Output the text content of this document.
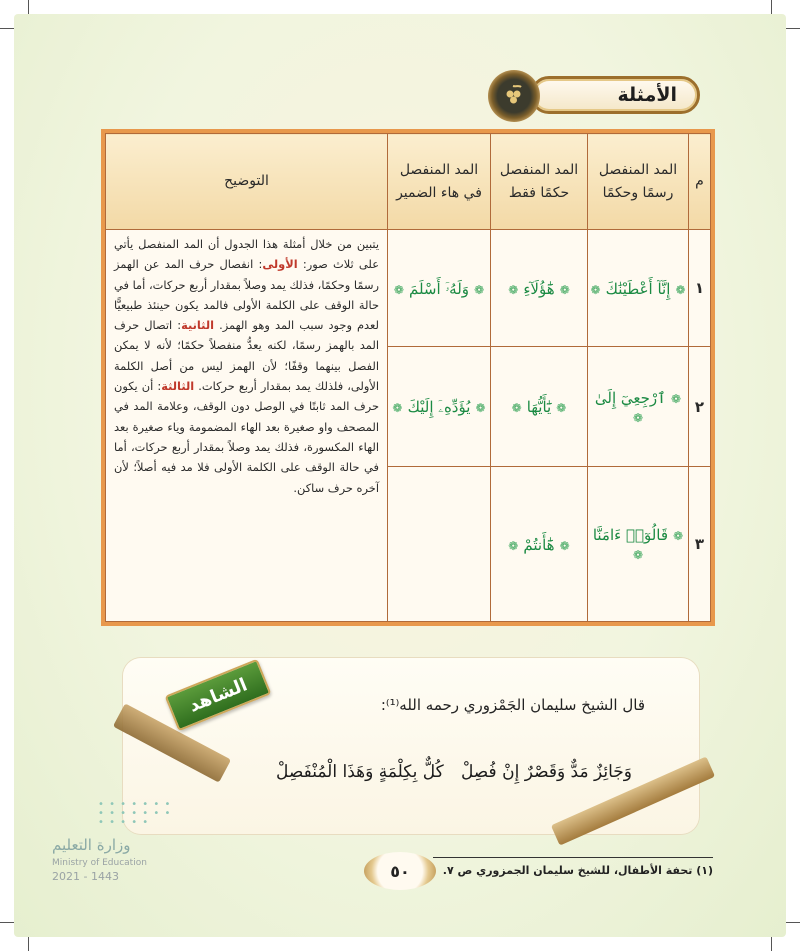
الأمثلة
م	المد المنفصل رسمًا وحكمًا	المد المنفصل حكمًا فقط	المد المنفصل في هاء الضمير	التوضيح
١	❁ إِنَّآ أَعْطَيْنَٰكَ ❁	❁ هَٰٓؤُلَآءِ ❁	❁ وَلَهُۥٓ أَسْلَمَ ❁	يتبين من خلال أمثلة هذا الجدول أن المد المنفصل يأتي على ثلاث صور: الأولى: انفصال حرف المد عن الهمز رسمًا وحكمًا، فذلك يمد وصلاً بمقدار أربع حركات، أما في حالة الوقف على الكلمة الأولى فالمد يكون حينئذ طبيعيًّا لعدم وجود سبب المد وهو الهمز. الثانية: اتصال حرف المد بالهمز رسمًا، لكنه يعدُّ منفصلاً حكمًا؛ لأنه لا يمكن الفصل بينهما وقفًا؛ لأن الهمز ليس من أصل الكلمة الأولى، فلذلك يمد بمقدار أربع حركات. الثالثة: أن يكون حرف المد ثابتًا في الوصل دون الوقف، وعلامة المد في المصحف واو صغيرة بعد الهاء المضمومة وياء صغيرة بعد الهاء المكسورة، فذلك يمد وصلاً بمقدار أربع حركات، أما في حالة الوقف على الكلمة الأولى فلا مد فيه أصلاً؛ لأن آخره حرف ساكن.
٢	❁ ٱرْجِعِيٓ إِلَىٰ ❁	❁ يَٰٓأَيُّهَا ❁	❁ يُؤَدِّهِۦٓ إِلَيْكَ ❁	
٣	❁ قَالُوٓا۟ ءَامَنَّا ❁	❁ هَٰٓأَنتُمْ ❁		
الشاهد	قال الشيخ سليمان الجَمْزوري رحمه الله⁽¹⁾:
وَجَائِزٌ مَدٌّ وَقَصْرٌ إِنْ فُصِلْ
كُلٌّ بِكِلْمَةٍ وَهَذَا الْمُنْفَصِلْ
(١) تحفة الأطفال، للشيخ سليمان الجمزوري ص ٧.
٥٠
• • • • • • •
• • • • • • •
• • • • •
وزارة التعليم
Ministry of Education
2021 - 1443
